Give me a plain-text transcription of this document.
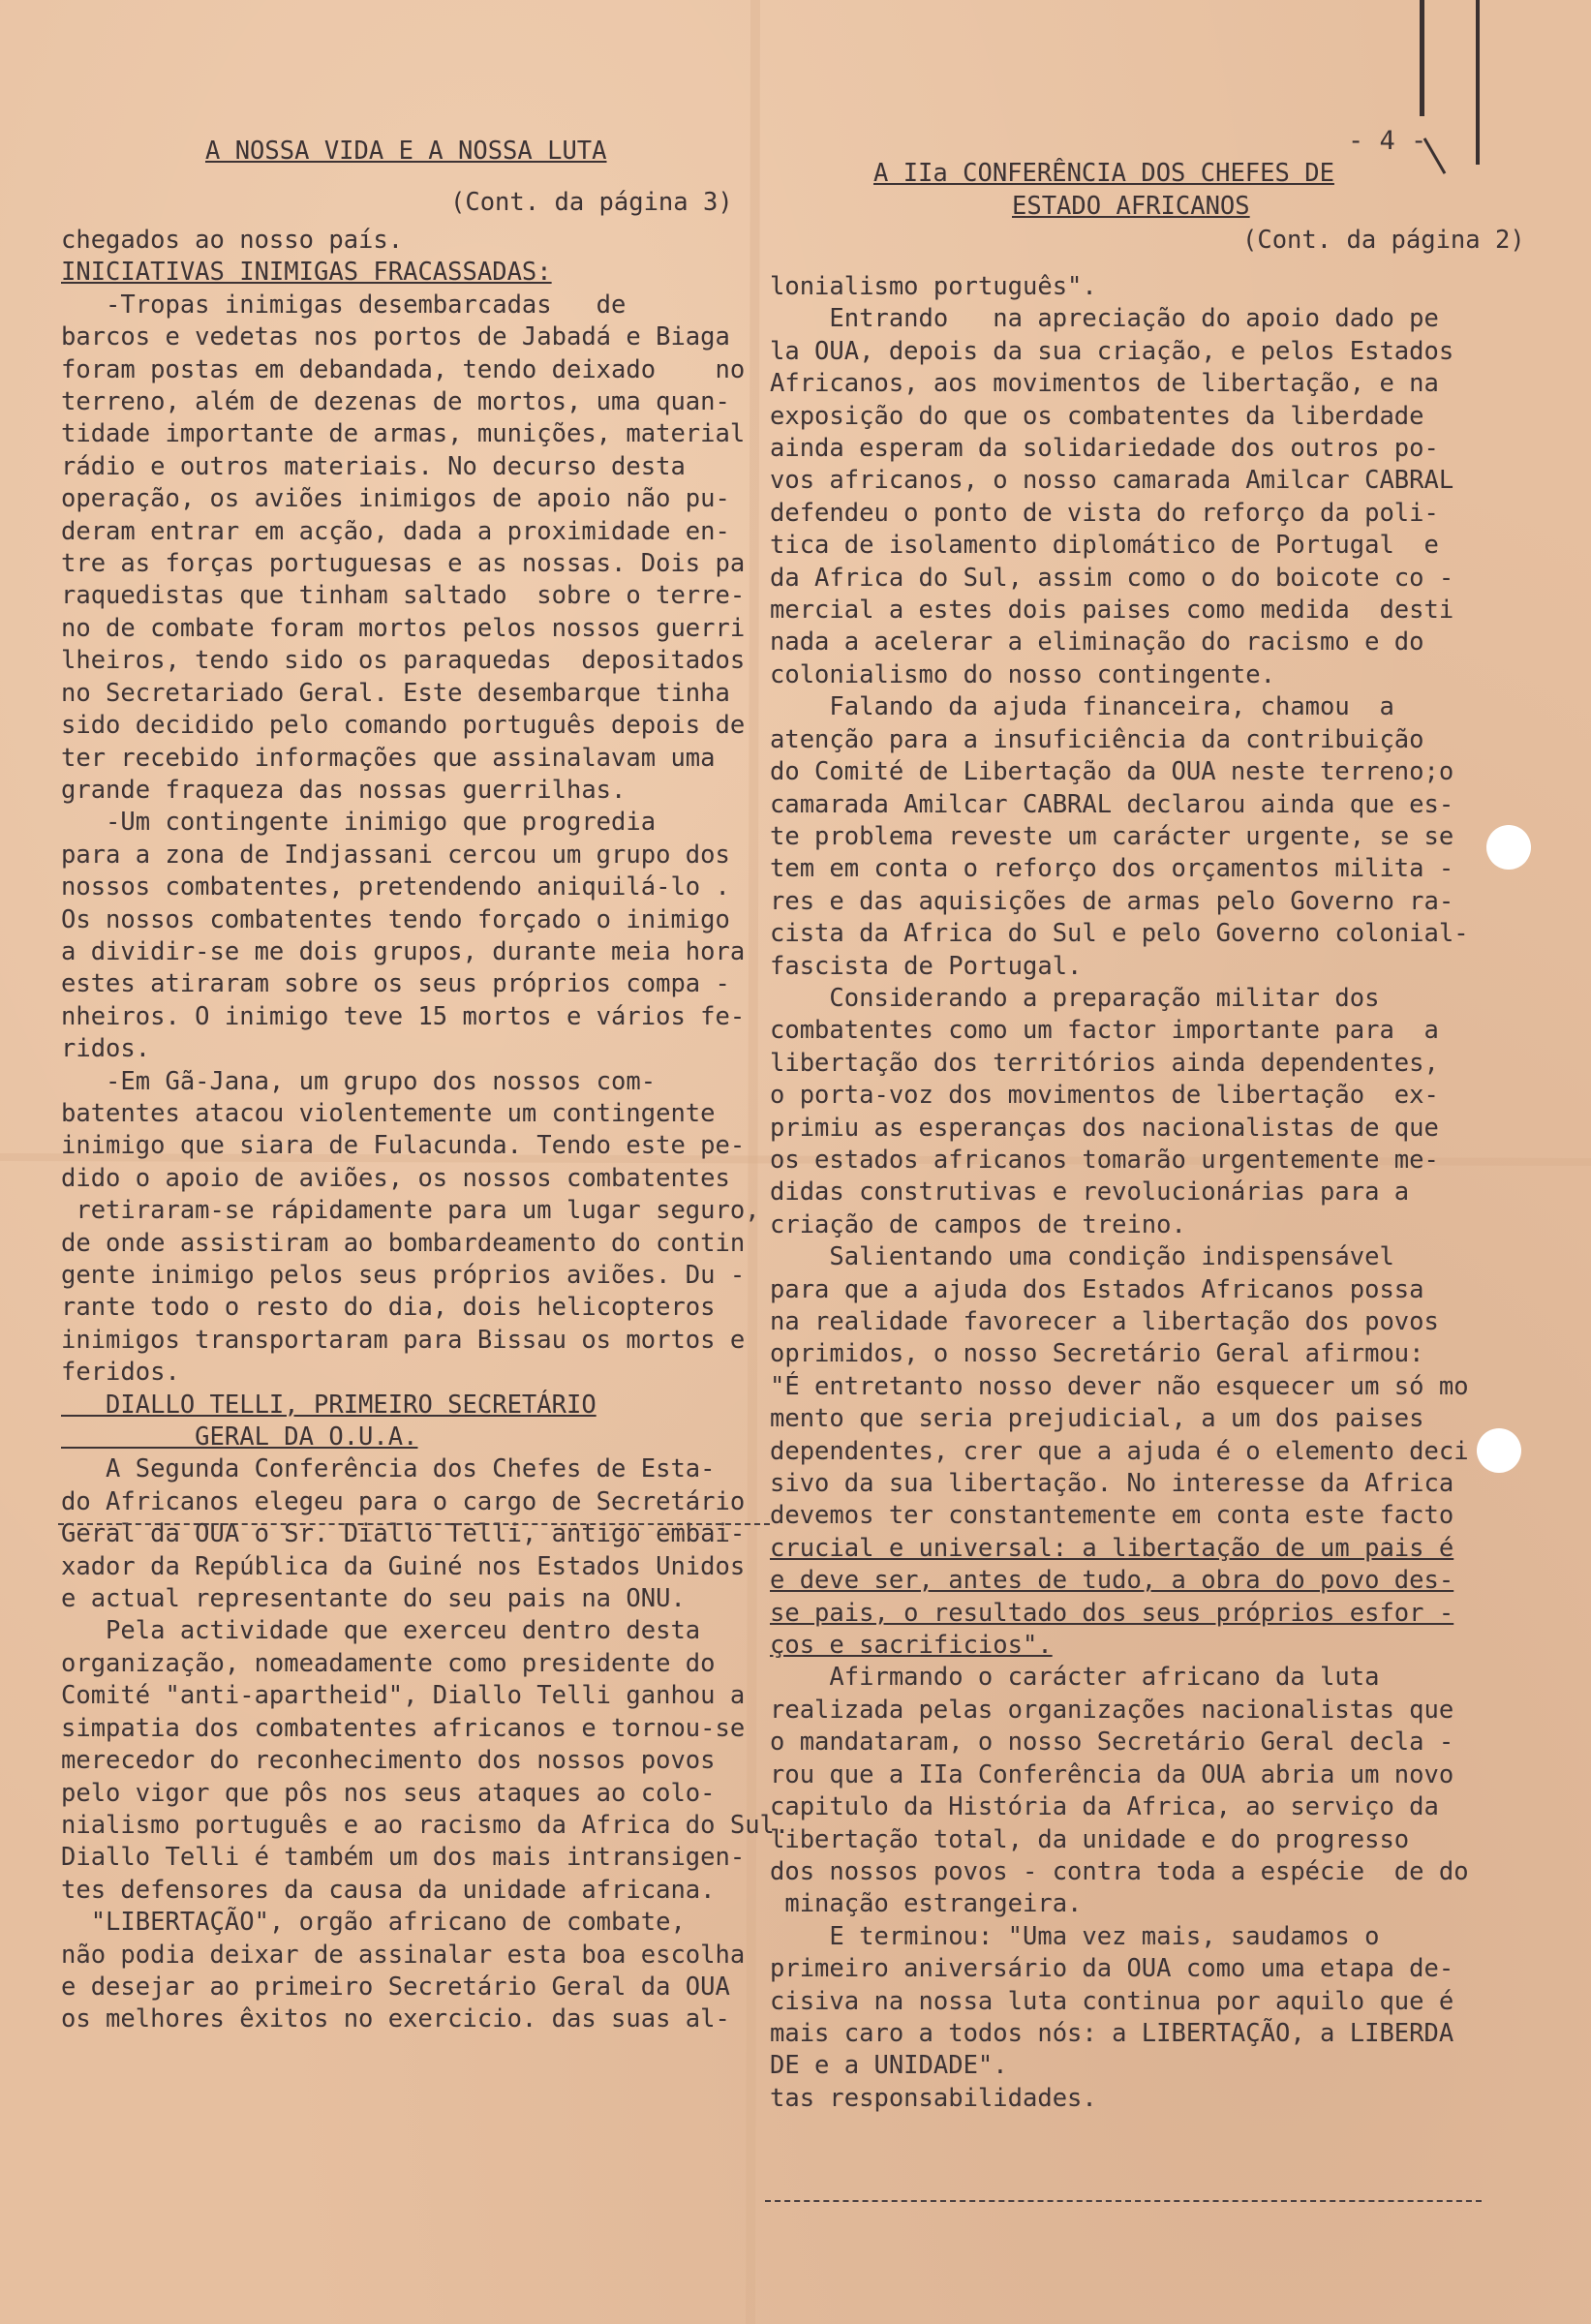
- 4 -
A NOSSA VIDA E A NOSSA LUTA
(Cont. da página 3)
A IIa CONFERÊNCIA DOS CHEFES DE
ESTADO AFRICANOS
(Cont. da página 2)

chegados ao nosso país.

INICIATIVAS INIMIGAS FRACASSADAS:

-Tropas inimigas desembarcadas   de

barcos e vedetas nos portos de Jabadá e Biaga

foram postas em debandada, tendo deixado    no

terreno, além de dezenas de mortos, uma quan-

tidade importante de armas, munições, material

rádio e outros materiais. No decurso desta

operação, os aviões inimigos de apoio não pu-

deram entrar em acção, dada a proximidade en-

tre as forças portuguesas e as nossas. Dois pa

raquedistas que tinham saltado  sobre o terre-

no de combate foram mortos pelos nossos guerri

lheiros, tendo sido os paraquedas  depositados

no Secretariado Geral. Este desembarque tinha

sido decidido pelo comando português depois de

ter recebido informações que assinalavam uma

grande fraqueza das nossas guerrilhas.

-Um contingente inimigo que progredia

para a zona de Indjassani cercou um grupo dos

nossos combatentes, pretendendo aniquilá-lo .

Os nossos combatentes tendo forçado o inimigo

a dividir-se me dois grupos, durante meia hora

estes atiraram sobre os seus próprios compa -

nheiros. O inimigo teve 15 mortos e vários fe-

ridos.

-Em Gã-Jana, um grupo dos nossos com-

batentes atacou violentemente um contingente

inimigo que siara de Fulacunda. Tendo este pe-

dido o apoio de aviões, os nossos combatentes

retiraram-se rápidamente para um lugar seguro,

de onde assistiram ao bombardeamento do contin

gente inimigo pelos seus próprios aviões. Du -

rante todo o resto do dia, dois helicopteros

inimigos transportaram para Bissau os mortos e

feridos.

DIALLO TELLI, PRIMEIRO SECRETÁRIO

GERAL DA O.U.A.

A Segunda Conferência dos Chefes de Esta-

do Africanos elegeu para o cargo de Secretário

Geral da OUA o Sr. Diallo Telli, antigo embai-

xador da República da Guiné nos Estados Unidos

e actual representante do seu pais na ONU.

Pela actividade que exerceu dentro desta

organização, nomeadamente como presidente do

Comité "anti-apartheid", Diallo Telli ganhou a

simpatia dos combatentes africanos e tornou-se

merecedor do reconhecimento dos nossos povos

pelo vigor que pôs nos seus ataques ao colo-

nialismo português e ao racismo da Africa do Sul.

Diallo Telli é também um dos mais intransigen-

tes defensores da causa da unidade africana.

"LIBERTAÇÃO", orgão africano de combate,

não podia deixar de assinalar esta boa escolha

e desejar ao primeiro Secretário Geral da OUA

os melhores êxitos no exercicio. das suas al-

lonialismo português".

Entrando   na apreciação do apoio dado pe

la OUA, depois da sua criação, e pelos Estados

Africanos, aos movimentos de libertação, e na

exposição do que os combatentes da liberdade

ainda esperam da solidariedade dos outros po-

vos africanos, o nosso camarada Amilcar CABRAL

defendeu o ponto de vista do reforço da poli-

tica de isolamento diplomático de Portugal  e

da Africa do Sul, assim como o do boicote co -

mercial a estes dois paises como medida  desti

nada a acelerar a eliminação do racismo e do

colonialismo do nosso contingente.

Falando da ajuda financeira, chamou  a

atenção para a insuficiência da contribuição

do Comité de Libertação da OUA neste terreno;o

camarada Amilcar CABRAL declarou ainda que es-

te problema reveste um carácter urgente, se se

tem em conta o reforço dos orçamentos milita -

res e das aquisições de armas pelo Governo ra-

cista da Africa do Sul e pelo Governo colonial-

fascista de Portugal.

Considerando a preparação militar dos

combatentes como um factor importante para  a

libertação dos territórios ainda dependentes,

o porta-voz dos movimentos de libertação  ex-

primiu as esperanças dos nacionalistas de que

os estados africanos tomarão urgentemente me-

didas construtivas e revolucionárias para a

criação de campos de treino.

Salientando uma condição indispensável

para que a ajuda dos Estados Africanos possa

na realidade favorecer a libertação dos povos

oprimidos, o nosso Secretário Geral afirmou:

"É entretanto nosso dever não esquecer um só mo

mento que seria prejudicial, a um dos paises

dependentes, crer que a ajuda é o elemento deci

sivo da sua libertação. No interesse da Africa

devemos ter constantemente em conta este facto

crucial e universal: a libertação de um pais é

e deve ser, antes de tudo, a obra do povo des-

se pais, o resultado dos seus próprios esfor -

ços e sacrificios".

Afirmando o carácter africano da luta

realizada pelas organizações nacionalistas que

o mandataram, o nosso Secretário Geral decla -

rou que a IIa Conferência da OUA abria um novo

capitulo da História da Africa, ao serviço da

libertação total, da unidade e do progresso

dos nossos povos - contra toda a espécie  de do

minação estrangeira.

E terminou: "Uma vez mais, saudamos o

primeiro aniversário da OUA como uma etapa de-

cisiva na nossa luta continua por aquilo que é

mais caro a todos nós: a LIBERTAÇÃO, a LIBERDA

DE e a UNIDADE".

tas responsabilidades.
